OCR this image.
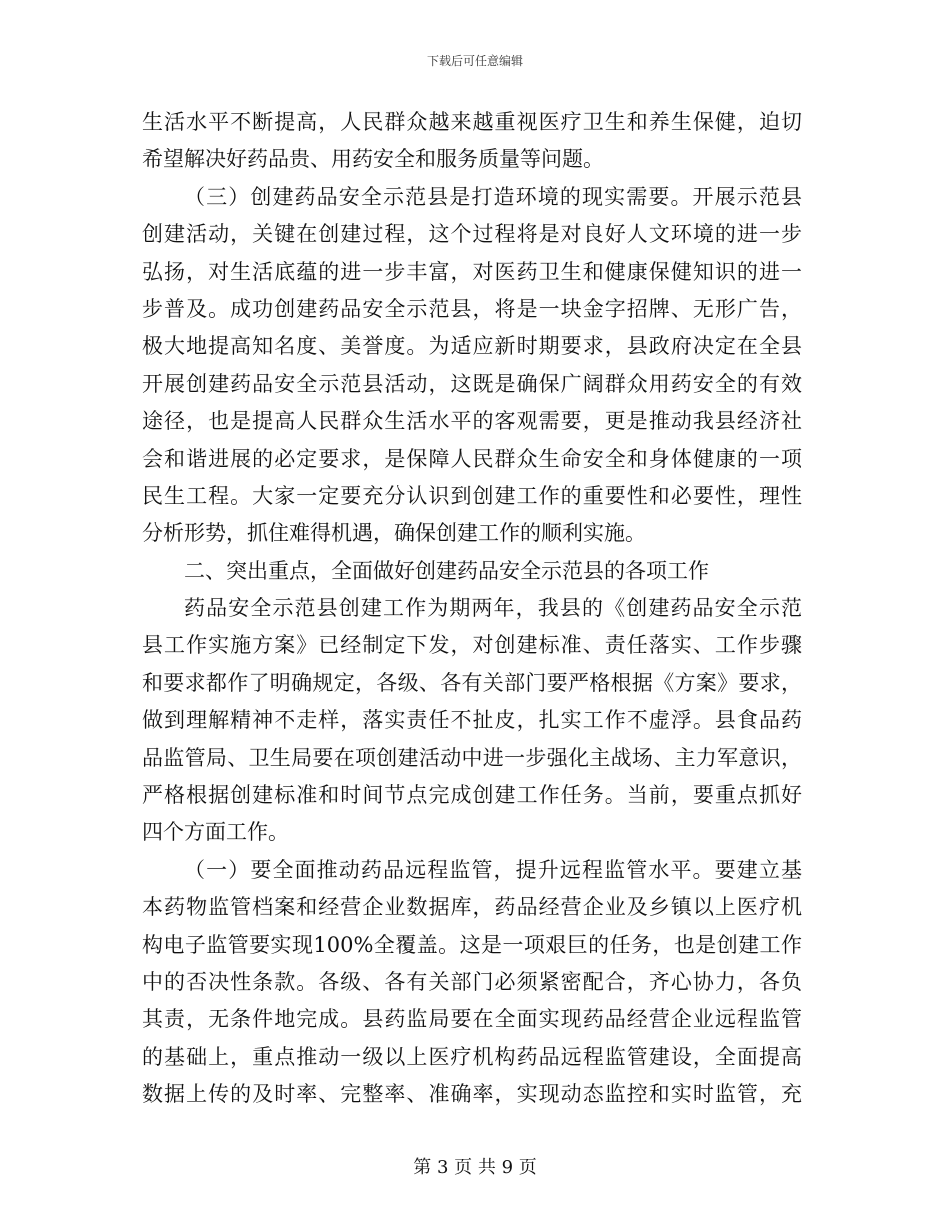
下载后可任意编辑
生活水平不断提高，人民群众越来越重视医疗卫生和养生保健，迫切
希望解决好药品贵、用药安全和服务质量等问题。
（三）创建药品安全示范县是打造环境的现实需要。开展示范县
创建活动，关键在创建过程，这个过程将是对良好人文环境的进一步
弘扬，对生活底蕴的进一步丰富，对医药卫生和健康保健知识的进一
步普及。成功创建药品安全示范县，将是一块金字招牌、无形广告，
极大地提高知名度、美誉度。为适应新时期要求，县政府决定在全县
开展创建药品安全示范县活动，这既是确保广阔群众用药安全的有效
途径，也是提高人民群众生活水平的客观需要，更是推动我县经济社
会和谐进展的必定要求，是保障人民群众生命安全和身体健康的一项
民生工程。大家一定要充分认识到创建工作的重要性和必要性，理性
分析形势，抓住难得机遇，确保创建工作的顺利实施。
二、突出重点，全面做好创建药品安全示范县的各项工作
药品安全示范县创建工作为期两年，我县的《创建药品安全示范
县工作实施方案》已经制定下发，对创建标准、责任落实、工作步骤
和要求都作了明确规定，各级、各有关部门要严格根据《方案》要求，
做到理解精神不走样，落实责任不扯皮，扎实工作不虚浮。县食品药
品监管局、卫生局要在项创建活动中进一步强化主战场、主力军意识，
严格根据创建标准和时间节点完成创建工作任务。当前，要重点抓好
四个方面工作。
（一）要全面推动药品远程监管，提升远程监管水平。要建立基
本药物监管档案和经营企业数据库，药品经营企业及乡镇以上医疗机
构电子监管要实现100%全覆盖。这是一项艰巨的任务，也是创建工作
中的否决性条款。各级、各有关部门必须紧密配合，齐心协力，各负
其责，无条件地完成。县药监局要在全面实现药品经营企业远程监管
的基础上，重点推动一级以上医疗机构药品远程监管建设，全面提高
数据上传的及时率、完整率、准确率，实现动态监控和实时监管，充
第 3 页 共 9 页
